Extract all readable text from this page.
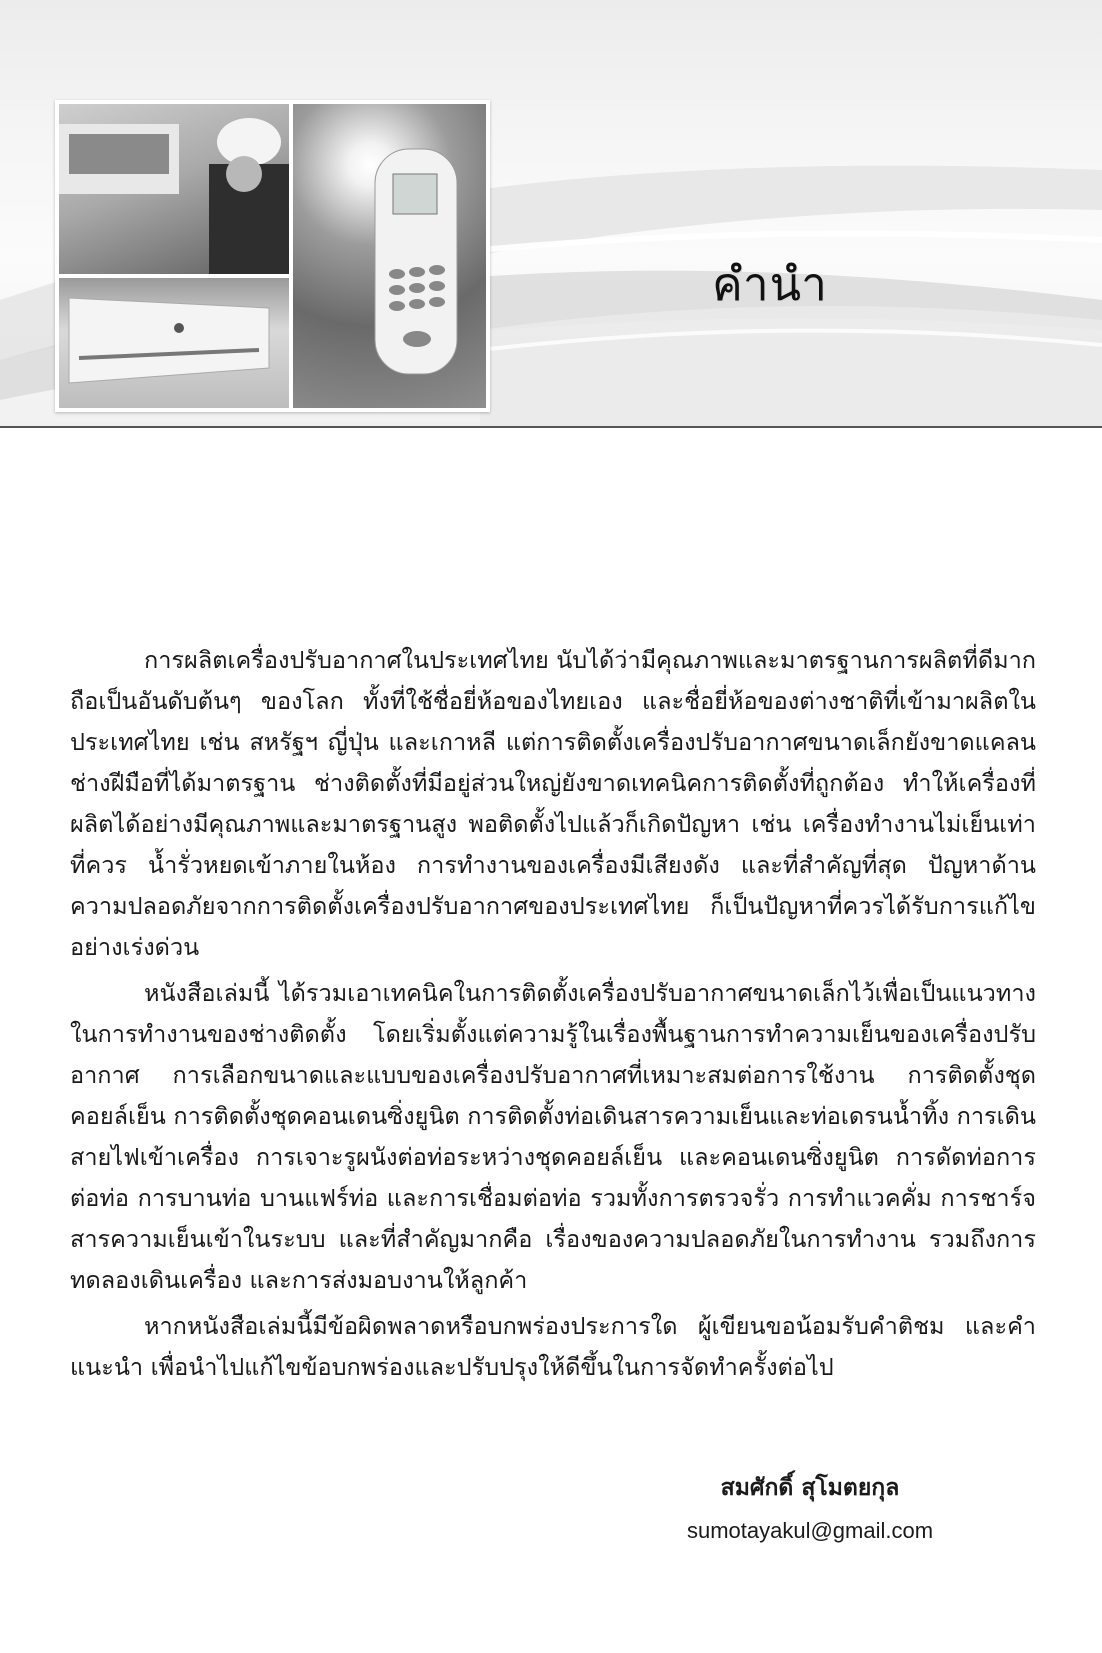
คำนำ

การผลิตเครื่องปรับอากาศในประเทศไทย นับได้ว่ามีคุณภาพและมาตรฐานการผลิตที่ดีมาก ถือเป็นอันดับต้นๆ ของโลก ทั้งที่ใช้ชื่อยี่ห้อของไทยเอง และชื่อยี่ห้อของต่างชาติที่เข้ามาผลิตในประเทศไทย เช่น สหรัฐฯ ญี่ปุ่น และเกาหลี แต่การติดตั้งเครื่องปรับอากาศขนาดเล็กยังขาดแคลนช่างฝีมือที่ได้มาตรฐาน ช่างติดตั้งที่มีอยู่ส่วนใหญ่ยังขาดเทคนิคการติดตั้งที่ถูกต้อง ทำให้เครื่องที่ผลิตได้อย่างมีคุณภาพและมาตรฐานสูง พอติดตั้งไปแล้วก็เกิดปัญหา เช่น เครื่องทำงานไม่เย็นเท่าที่ควร น้ำรั่วหยดเข้าภายในห้อง การทำงานของเครื่องมีเสียงดัง และที่สำคัญที่สุด ปัญหาด้านความปลอดภัยจากการติดตั้งเครื่องปรับอากาศของประเทศไทย ก็เป็นปัญหาที่ควรได้รับการแก้ไขอย่างเร่งด่วน

หนังสือเล่มนี้ ได้รวมเอาเทคนิคในการติดตั้งเครื่องปรับอากาศขนาดเล็กไว้เพื่อเป็นแนวทางในการทำงานของช่างติดตั้ง โดยเริ่มตั้งแต่ความรู้ในเรื่องพื้นฐานการทำความเย็นของเครื่องปรับอากาศ การเลือกขนาดและแบบของเครื่องปรับอากาศที่เหมาะสมต่อการใช้งาน การติดตั้งชุดคอยล์เย็น การติดตั้งชุดคอนเดนซิ่งยูนิต การติดตั้งท่อเดินสารความเย็นและท่อเดรนน้ำทิ้ง การเดินสายไฟเข้าเครื่อง การเจาะรูผนังต่อท่อระหว่างชุดคอยล์เย็น และคอนเดนซิ่งยูนิต การดัดท่อการต่อท่อ การบานท่อ บานแฟร์ท่อ และการเชื่อมต่อท่อ รวมทั้งการตรวจรั่ว การทำแวคคั่ม การชาร์จสารความเย็นเข้าในระบบ และที่สำคัญมากคือ เรื่องของความปลอดภัยในการทำงาน รวมถึงการทดลองเดินเครื่อง และการส่งมอบงานให้ลูกค้า

หากหนังสือเล่มนี้มีข้อผิดพลาดหรือบกพร่องประการใด ผู้เขียนขอน้อมรับคำติชม และคำแนะนำ เพื่อนำไปแก้ไขข้อบกพร่องและปรับปรุงให้ดีขึ้นในการจัดทำครั้งต่อไป

สมศักดิ์ สุโมตยกุล
sumotayakul@gmail.com
